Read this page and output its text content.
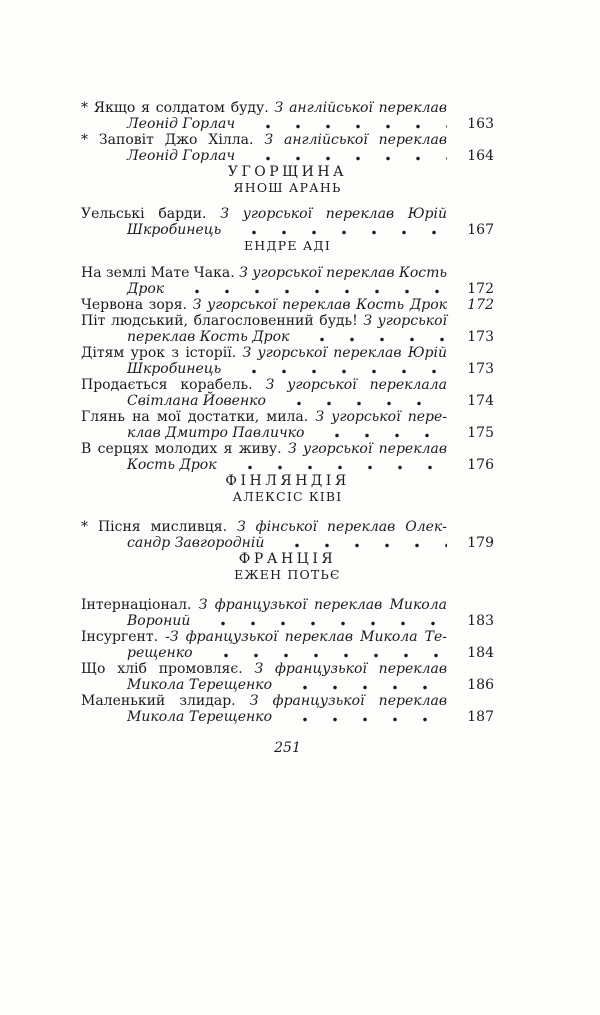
* Якщо я солдатом буду. З англійської переклав
Леонід Горлач	163
* Заповіт Джо Хілла. З англійської переклав
Леонід Горлач	164
УГОРЩИНА
ЯНОШ АРАНЬ
Уельські барди. З угорської переклав Юрій
Шкробинець	167
ЕНДРЕ АДІ
На землі Мате Чака. З угорської переклав Кость
Дрок	172
Червона зоря. З угорської переклав Кость Дрок	172
Піт людський, благословенний будь! З угорської
переклав Кость Дрок	173
Дітям урок з історії. З угорської переклав Юрій
Шкробинець	173
Продається корабель. З угорської переклала
Світлана Йовенко	174
Глянь на мої достатки, мила. З угорської пере-
клав Дмитро Павличко	175
В серцях молодих я живу. З угорської переклав
Кость Дрок	176
ФІНЛЯНДІЯ
АЛЕКСІС КІВІ
* Пісня мисливця. З фінської переклав Олек-
сандр Завгородній	179
ФРАНЦІЯ
ЕЖЕН ПОТЬЄ
Інтернаціонал. З французької переклав Микола
Вороний	183
Інсургент. -З французької переклав Микола Те-
рещенко	184
Що хліб промовляє. З французької переклав
Микола Терещенко	186
Маленький злидар. З французької переклав
Микола Терещенко	187
251
